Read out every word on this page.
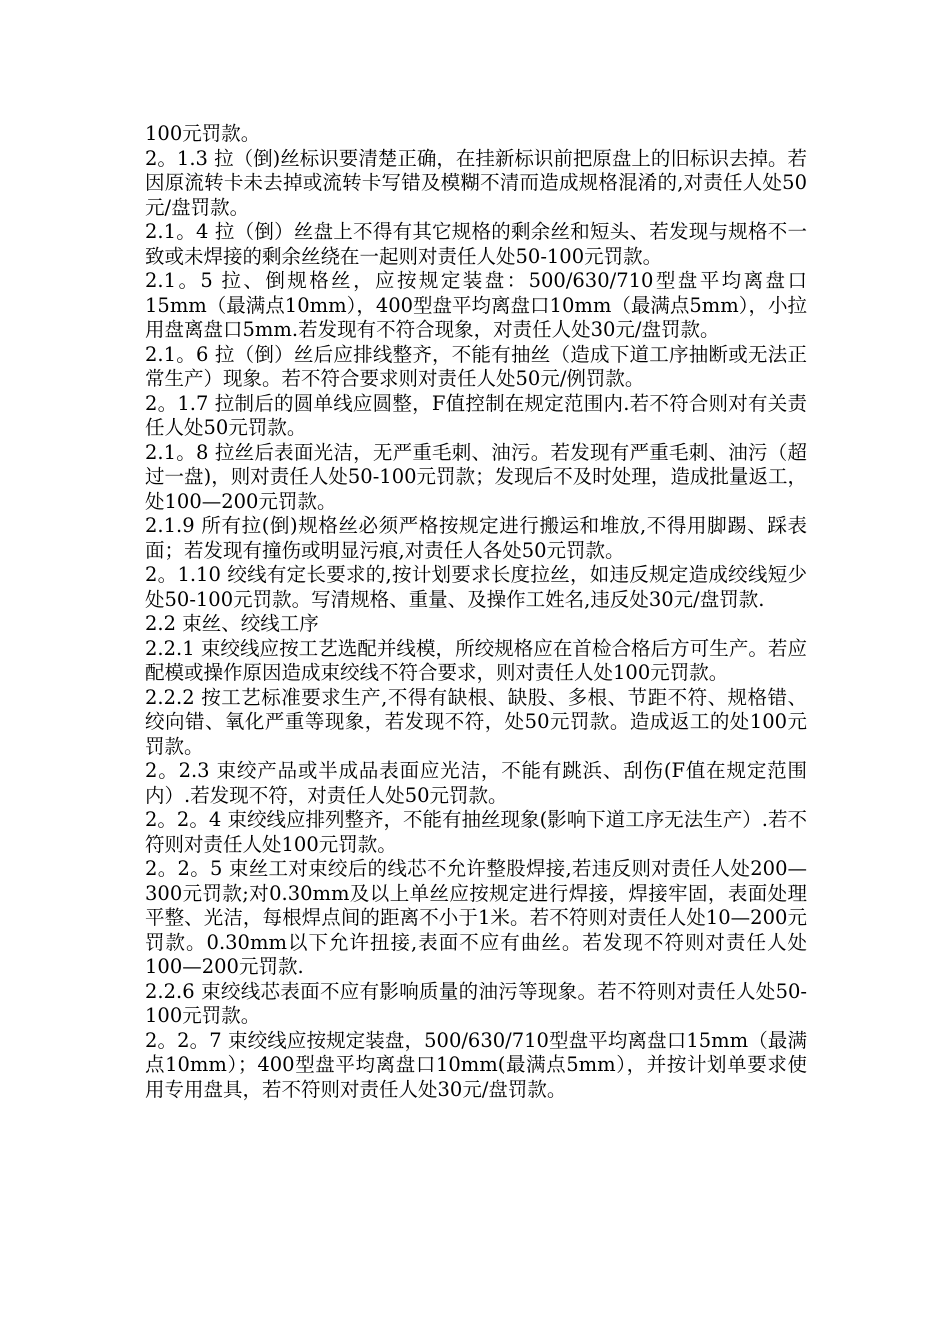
100元罚款。

2。1.3 拉（倒)丝标识要清楚正确，在挂新标识前把原盘上的旧标识去掉。若因原流转卡未去掉或流转卡写错及模糊不清而造成规格混淆的,对责任人处50元/盘罚款。

2.1。4 拉（倒）丝盘上不得有其它规格的剩余丝和短头、若发现与规格不一致或未焊接的剩余丝绕在一起则对责任人处50-100元罚款。

2.1。5 拉、倒规格丝，应按规定装盘：500/630/710型盘平均离盘口15mm（最满点10mm），400型盘平均离盘口10mm（最满点5mm），小拉用盘离盘口5mm.若发现有不符合现象，对责任人处30元/盘罚款。

2.1。6 拉（倒）丝后应排线整齐，不能有抽丝（造成下道工序抽断或无法正常生产）现象。若不符合要求则对责任人处50元/例罚款。

2。1.7 拉制后的圆单线应圆整，F值控制在规定范围内.若不符合则对有关责任人处50元罚款。

2.1。8 拉丝后表面光洁，无严重毛刺、油污。若发现有严重毛刺、油污（超过一盘)，则对责任人处50-100元罚款；发现后不及时处理，造成批量返工，处100—200元罚款。

2.1.9 所有拉(倒)规格丝必须严格按规定进行搬运和堆放,不得用脚踢、踩表面；若发现有撞伤或明显污痕,对责任人各处50元罚款。

2。1.10 绞线有定长要求的,按计划要求长度拉丝，如违反规定造成绞线短少处50-100元罚款。写清规格、重量、及操作工姓名,违反处30元/盘罚款.

2.2 束丝、绞线工序

2.2.1 束绞线应按工艺选配并线模，所绞规格应在首检合格后方可生产。若应配模或操作原因造成束绞线不符合要求，则对责任人处100元罚款。

2.2.2 按工艺标准要求生产,不得有缺根、缺股、多根、节距不符、规格错、绞向错、氧化严重等现象，若发现不符，处50元罚款。造成返工的处100元罚款。

2。2.3 束绞产品或半成品表面应光洁，不能有跳浜、刮伤(F值在规定范围内）.若发现不符，对责任人处50元罚款。

2。2。4 束绞线应排列整齐，不能有抽丝现象(影响下道工序无法生产）.若不符则对责任人处100元罚款。

2。2。5 束丝工对束绞后的线芯不允许整股焊接,若违反则对责任人处200—300元罚款;对0.30mm及以上单丝应按规定进行焊接，焊接牢固，表面处理平整、光洁，每根焊点间的距离不小于1米。若不符则对责任人处10—200元罚款。0.30mm以下允许扭接,表面不应有曲丝。若发现不符则对责任人处100—200元罚款.

2.2.6 束绞线芯表面不应有影响质量的油污等现象。若不符则对责任人处50-100元罚款。

2。2。7 束绞线应按规定装盘，500/630/710型盘平均离盘口15mm（最满点10mm）；400型盘平均离盘口10mm(最满点5mm），并按计划单要求使用专用盘具，若不符则对责任人处30元/盘罚款。
